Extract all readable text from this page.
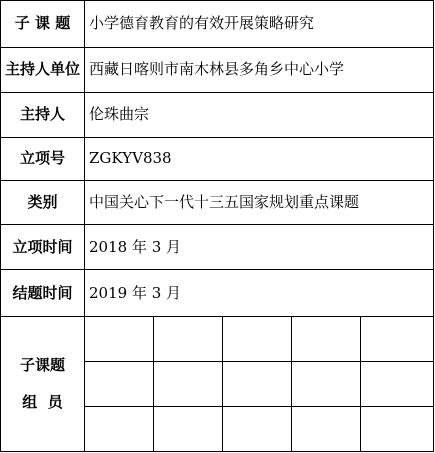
子 课 题	小学德育教育的有效开展策略研究				
主持人单位	西藏日喀则市南木林县多角乡中心小学				
主持人	伦珠曲宗				
立项号	ZGKYV838				
类别	中国关心下一代十三五国家规划重点课题				
立项时间	2018 年 3 月				
结题时间	2019 年 3 月				

子课题
组  员					
